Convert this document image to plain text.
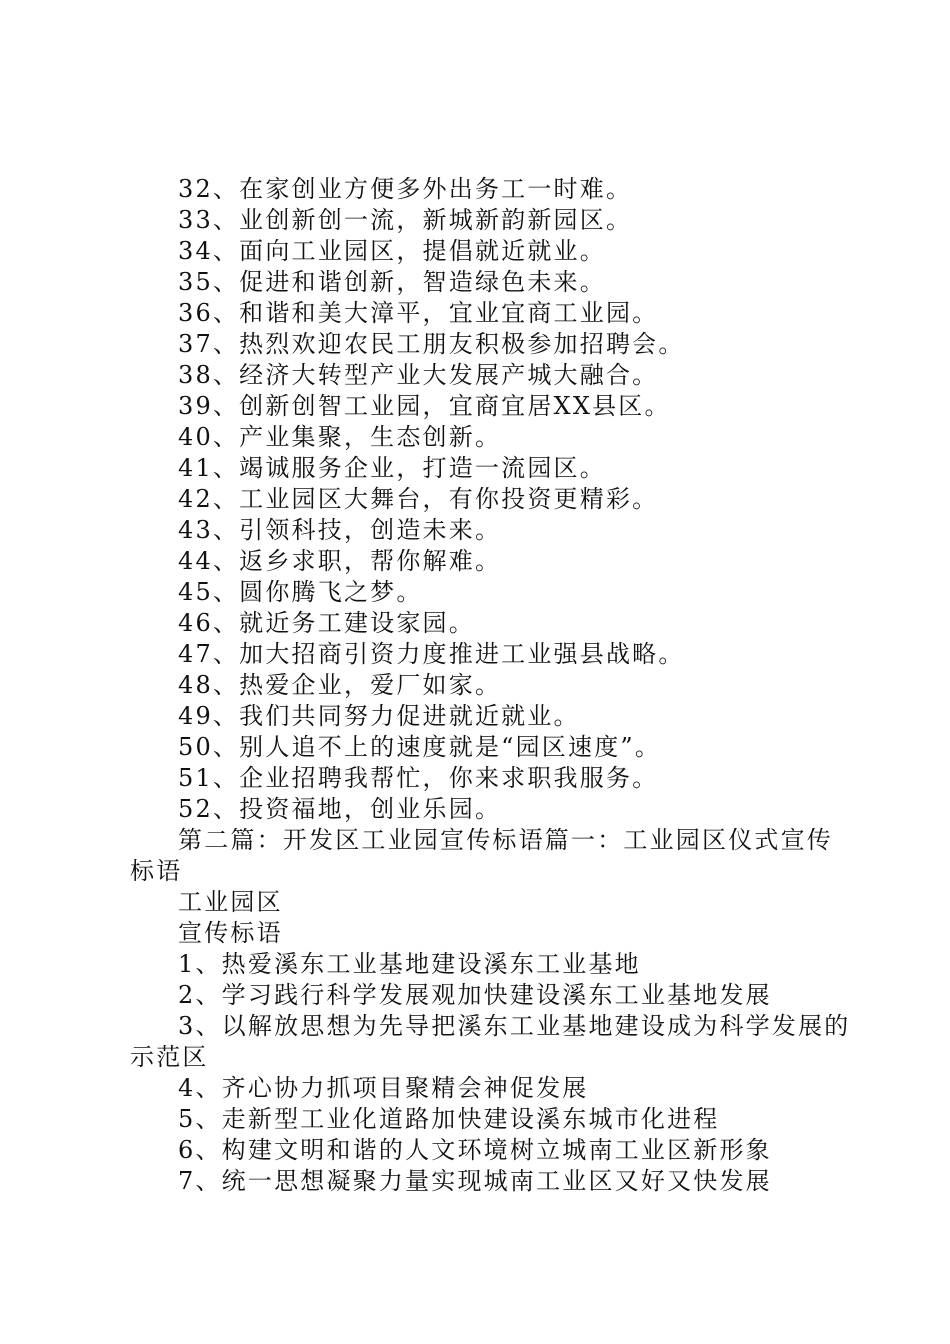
32、在家创业方便多外出务工一时难。
33、业创新创一流，新城新韵新园区。
34、面向工业园区，提倡就近就业。
35、促进和谐创新，智造绿色未来。
36、和谐和美大漳平，宜业宜商工业园。
37、热烈欢迎农民工朋友积极参加招聘会。
38、经济大转型产业大发展产城大融合。
39、创新创智工业园，宜商宜居XX县区。
40、产业集聚，生态创新。
41、竭诚服务企业，打造一流园区。
42、工业园区大舞台，有你投资更精彩。
43、引领科技，创造未来。
44、返乡求职，帮你解难。
45、圆你腾飞之梦。
46、就近务工建设家园。
47、加大招商引资力度推进工业强县战略。
48、热爱企业，爱厂如家。
49、我们共同努力促进就近就业。
50、别人追不上的速度就是“园区速度”。
51、企业招聘我帮忙，你来求职我服务。
52、投资福地，创业乐园。
第二篇：开发区工业园宣传标语篇一：工业园区仪式宣传
标语
工业园区
宣传标语
1、热爱溪东工业基地建设溪东工业基地
2、学习践行科学发展观加快建设溪东工业基地发展
3、以解放思想为先导把溪东工业基地建设成为科学发展的
示范区
4、齐心协力抓项目聚精会神促发展
5、走新型工业化道路加快建设溪东城市化进程
6、构建文明和谐的人文环境树立城南工业区新形象
7、统一思想凝聚力量实现城南工业区又好又快发展
